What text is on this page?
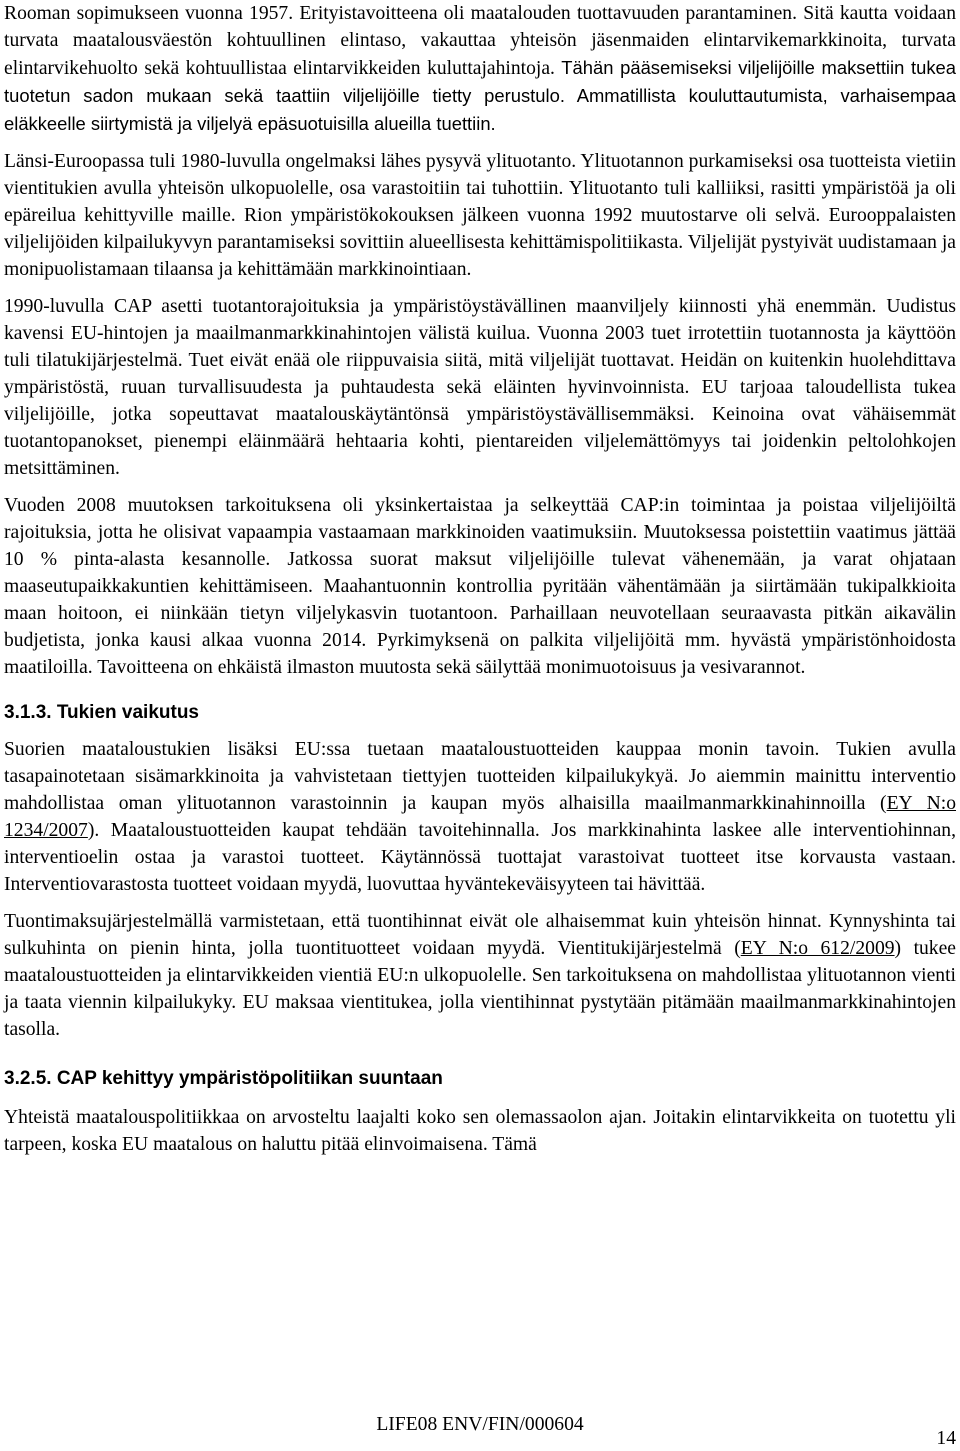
Rooman sopimukseen vuonna 1957. Erityistavoitteena oli maatalouden tuottavuuden parantaminen. Sitä kautta voidaan turvata maatalousväestön kohtuullinen elintaso, vakauttaa yhteisön jäsenmaiden elintarvikemarkkinoita, turvata elintarvikehuolto sekä kohtuullistaa elintarvikkeiden kuluttajahintoja. Tähän pääsemiseksi viljelijöille maksettiin tukea tuotetun sadon mukaan sekä taattiin viljelijöille tietty perustulo. Ammatillista kouluttautumista, varhaisempaa eläkkeelle siirtymistä ja viljelyä epäsuotuisilla alueilla tuettiin.

Länsi-Euroopassa tuli 1980-luvulla ongelmaksi lähes pysyvä ylituotanto. Ylituotannon purkamiseksi osa tuotteista vietiin vientitukien avulla yhteisön ulkopuolelle, osa varastoitiin tai tuhottiin. Ylituotanto tuli kalliiksi, rasitti ympäristöä ja oli epäreilua kehittyville maille. Rion ympäristökokouksen jälkeen vuonna 1992 muutostarve oli selvä. Eurooppalaisten viljelijöiden kilpailukyvyn parantamiseksi sovittiin alueellisesta kehittämispolitiikasta. Viljelijät pystyivät uudistamaan ja monipuolistamaan tilaansa ja kehittämään markkinointiaan.

1990-luvulla CAP asetti tuotantorajoituksia ja ympäristöystävällinen maanviljely kiinnosti yhä enemmän. Uudistus kavensi EU-hintojen ja maailmanmarkkinahintojen välistä kuilua. Vuonna 2003 tuet irrotettiin tuotannosta ja käyttöön tuli tilatukijärjestelmä. Tuet eivät enää ole riippuvaisia siitä, mitä viljelijät tuottavat. Heidän on kuitenkin huolehdittava ympäristöstä, ruuan turvallisuudesta ja puhtaudesta sekä eläinten hyvinvoinnista. EU tarjoaa taloudellista tukea viljelijöille, jotka sopeuttavat maatalouskäytäntönsä ympäristöystävällisemmäksi. Keinoina ovat vähäisemmät tuotantopanokset, pienempi eläinmäärä hehtaaria kohti, pientareiden viljelemättömyys tai joidenkin peltolohkojen metsittäminen.

Vuoden 2008 muutoksen tarkoituksena oli yksinkertaistaa ja selkeyttää CAP:in toimintaa ja poistaa viljelijöiltä rajoituksia, jotta he olisivat vapaampia vastaamaan markkinoiden vaatimuksiin. Muutoksessa poistettiin vaatimus jättää 10 % pinta-alasta kesannolle. Jatkossa suorat maksut viljelijöille tulevat vähenemään, ja varat ohjataan maaseutupaikkakuntien kehittämiseen. Maahantuonnin kontrollia pyritään vähentämään ja siirtämään tukipalkkioita maan hoitoon, ei niinkään tietyn viljelykasvin tuotantoon. Parhaillaan neuvotellaan seuraavasta pitkän aikavälin budjetista, jonka kausi alkaa vuonna 2014. Pyrkimyksenä on palkita viljelijöitä mm. hyvästä ympäristönhoidosta maatiloilla. Tavoitteena on ehkäistä ilmaston muutosta sekä säilyttää monimuotoisuus ja vesivarannot.

3.1.3. Tukien vaikutus

Suorien maataloustukien lisäksi EU:ssa tuetaan maataloustuotteiden kauppaa monin tavoin. Tukien avulla tasapainotetaan sisämarkkinoita ja vahvistetaan tiettyjen tuotteiden kilpailukykyä. Jo aiemmin mainittu interventio mahdollistaa oman ylituotannon varastoinnin ja kaupan myös alhaisilla maailmanmarkkinahinnoilla (EY N:o 1234/2007). Maataloustuotteiden kaupat tehdään tavoitehinnalla. Jos markkinahinta laskee alle interventiohinnan, interventioelin ostaa ja varastoi tuotteet. Käytännössä tuottajat varastoivat tuotteet itse korvausta vastaan. Interventiovarastosta tuotteet voidaan myydä, luovuttaa hyväntekeväisyyteen tai hävittää.

Tuontimaksujärjestelmällä varmistetaan, että tuontihinnat eivät ole alhaisemmat kuin yhteisön hinnat. Kynnyshinta tai sulkuhinta on pienin hinta, jolla tuontituotteet voidaan myydä. Vientitukijärjestelmä (EY N:o 612/2009) tukee maataloustuotteiden ja elintarvikkeiden vientiä EU:n ulkopuolelle. Sen tarkoituksena on mahdollistaa ylituotannon vienti ja taata viennin kilpailukyky. EU maksaa vientitukea, jolla vientihinnat pystytään pitämään maailmanmarkkinahintojen tasolla.

3.2.5. CAP kehittyy ympäristöpolitiikan suuntaan

Yhteistä maatalouspolitiikkaa on arvosteltu laajalti koko sen olemassaolon ajan. Joitakin elintarvikkeita on tuotettu yli tarpeen, koska EU maatalous on haluttu pitää elinvoimaisena. Tämä

LIFE08 ENV/FIN/000604
14
